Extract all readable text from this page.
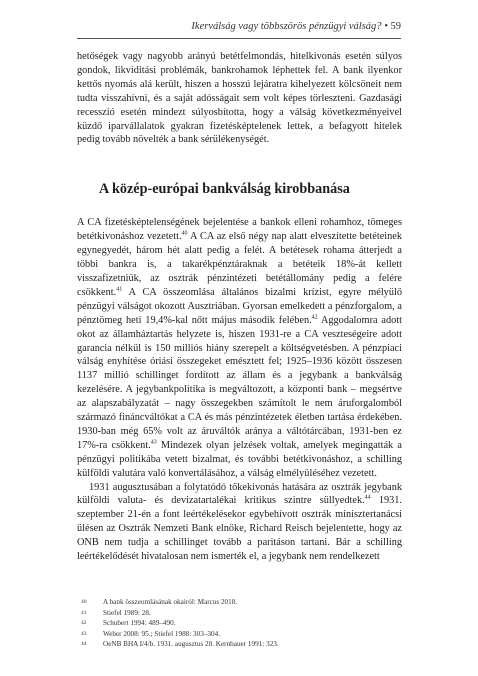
Ikerválság vagy többszörös pénzügyi válság? • 59

hetőségek vagy nagyobb arányú betétfelmondás, hitelkivonás esetén súlyos gondok, likviditási problémák, bankrohamok léphettek fel. A bank ilyenkor kettős nyomás alá került, hiszen a hosszú lejáratra kihelyezett kölcsöneit nem tudta visszahívni, és a saját adósságait sem volt képes törleszteni. Gazdasági recesszió esetén mindezt súlyosbította, hogy a válság következményeivel küzdő iparvállalatok gyakran fizetésképtelenek lettek, a befagyott hitelek pedig tovább növelték a bank sérülékenységét.

A közép-európai bankválság kirobbanása

A CA fizetésképtelenségének bejelentése a bankok elleni rohamhoz, tömeges betétkivonáshoz vezetett.$^{40}$ A CA az első négy nap alatt elveszítette betéteinek egynegyedét, három hét alatt pedig a felét. A betétesek rohama átterjedt a többi bankra is, a takarékpénztáraknak a betéteik 18%-át kellett visszafizetniük, az osztrák pénzintézeti betétállomány pedig a felére csökkent.$^{41}$ A CA összeomlása általános bizalmi krízist, egyre mélyülő pénzügyi válságot okozott Ausztriában. Gyorsan emelkedett a pénzforgalom, a pénztömeg heti 19,4%-kal nőtt május második felében.$^{42}$ Aggodalomra adott okot az államháztartás helyzete is, hiszen 1931-re a CA veszteségeire adott garancia nélkül is 150 milliós hiány szerepelt a költségvetésben. A pénzpiaci válság enyhítése óriási összegeket emésztett fel; 1925–1936 között összesen 1137 millió schillinget fordított az állam és a jegybank a bankválság kezelésére. A jegybankpolitika is megváltozott, a központi bank – megsértve az alapszabályzatát – nagy összegekben számítolt le nem áruforgalomból származó fináncváltókat a CA és más pénzintézetek életben tartása érdekében. 1930-ban még 65% volt az áruváltók aránya a váltótárcában, 1931-ben ez 17%-ra csökkent.$^{43}$ Mindezek olyan jelzések voltak, amelyek megingatták a pénzügyi politikába vetett bizalmat, és további betétkivonáshoz, a schilling külföldi valutára való konvertálásához, a válság elmélyüléséhez vezetett.

1931 augusztusában a folytatódó tőkekivonás hatására az osztrák jegybank külföldi valuta- és devizatartalékai kritikus szintre süllyedtek.$^{44}$ 1931. szeptember 21-én a font leértékelésekor egybehívott osztrák minisztertanácsi ülésen az Osztrák Nemzeti Bank elnöke, Richard Reisch bejelentette, hogy az ONB nem tudja a schillinget tovább a paritáson tartani. Bár a schilling leértékelődését hivatalosan nem ismerték el, a jegybank nem rendelkezett

40	A bank összeomlásának okairól: Marcus 2018.
41	Stiefel 1989: 28.
42	Schubert 1994: 489–490.
43	Weber 2008: 95.; Stiefel 1988: 303–304.
44	OeNB BHA I/4/b. 1931. augusztus 28. Kernbauer 1991: 323.
